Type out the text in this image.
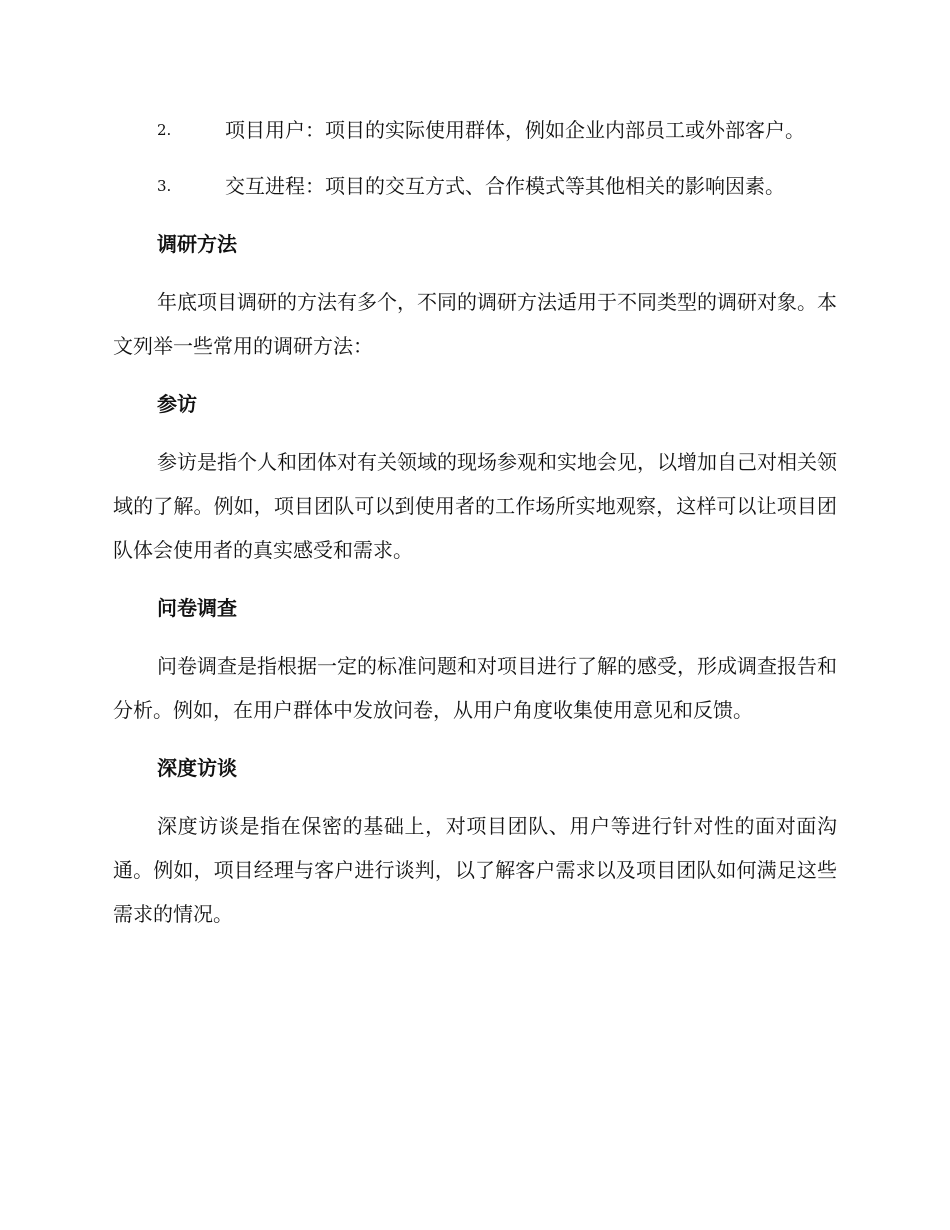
2.	项目用户：项目的实际使用群体，例如企业内部员工或外部客户。
3.	交互进程：项目的交互方式、合作模式等其他相关的影响因素。

调研方法

年底项目调研的方法有多个，不同的调研方法适用于不同类型的调研对象。本文列举一些常用的调研方法：

参访

参访是指个人和团体对有关领域的现场参观和实地会见，以增加自己对相关领域的了解。例如，项目团队可以到使用者的工作场所实地观察，这样可以让项目团队体会使用者的真实感受和需求。

问卷调查

问卷调查是指根据一定的标准问题和对项目进行了解的感受，形成调查报告和分析。例如，在用户群体中发放问卷，从用户角度收集使用意见和反馈。

深度访谈

深度访谈是指在保密的基础上，对项目团队、用户等进行针对性的面对面沟通。例如，项目经理与客户进行谈判，以了解客户需求以及项目团队如何满足这些需求的情况。
